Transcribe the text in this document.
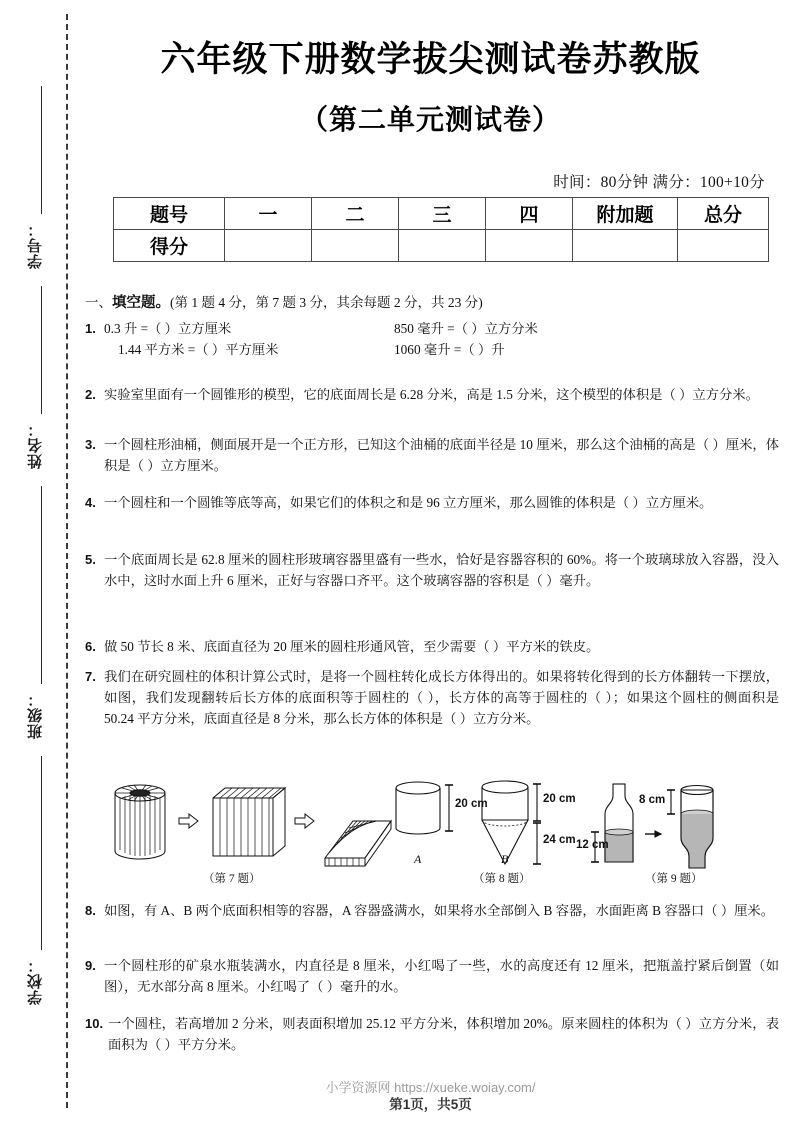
学号：
姓名：
班级：
学校：
六年级下册数学拔尖测试卷苏教版
（第二单元测试卷）
时间：80分钟 满分：100+10分
题号	一	二	三	四	附加题	总分
得分						
一、填空题。(第 1 题 4 分，第 7 题 3 分，其余每题 2 分，共 23 分)
1. 0.3 升 =（ ）立方厘米	850 毫升 =（ ）立方分米
1.44 平方米 =（ ）平方厘米	1060 毫升 =（ ）升
2. 实验室里面有一个圆锥形的模型，它的底面周长是 6.28 分米，高是 1.5 分米，这个模型的体积是（ ）立方分米。
3. 一个圆柱形油桶，侧面展开是一个正方形，已知这个油桶的底面半径是 10 厘米，那么这个油桶的高是（ ）厘米，体积是（ ）立方厘米。
4. 一个圆柱和一个圆锥等底等高，如果它们的体积之和是 96 立方厘米，那么圆锥的体积是（ ）立方厘米。
5. 一个底面周长是 62.8 厘米的圆柱形玻璃容器里盛有一些水，恰好是容器容积的 60%。将一个玻璃球放入容器，没入水中，这时水面上升 6 厘米，正好与容器口齐平。这个玻璃容器的容积是（ ）毫升。
6. 做 50 节长 8 米、底面直径为 20 厘米的圆柱形通风管，至少需要（ ）平方米的铁皮。
7. 我们在研究圆柱的体积计算公式时，是将一个圆柱转化成长方体得出的。如果将转化得到的长方体翻转一下摆放，如图，我们发现翻转后长方体的底面积等于圆柱的（ ），长方体的高等于圆柱的（ ）；如果这个圆柱的侧面积是 50.24 平方分米，底面直径是 8 分米，那么长方体的体积是（ ）立方分米。
（第 7 题）
20 cm	20 cm
24 cm
A	B
（第 8 题）
12 cm
8 cm
（第 9 题）
8. 如图，有 A、B 两个底面积相等的容器，A 容器盛满水，如果将水全部倒入 B 容器，水面距离 B 容器口（ ）厘米。
9. 一个圆柱形的矿泉水瓶装满水，内直径是 8 厘米，小红喝了一些，水的高度还有 12 厘米，把瓶盖拧紧后倒置（如图），无水部分高 8 厘米。小红喝了（ ）毫升的水。
10. 一个圆柱，若高增加 2 分米，则表面积增加 25.12 平方分米，体积增加 20%。原来圆柱的体积为（ ）立方分米，表面积为（ ）平方分米。
小学资源网 https://xueke.woiay.com/
第1页，共5页
